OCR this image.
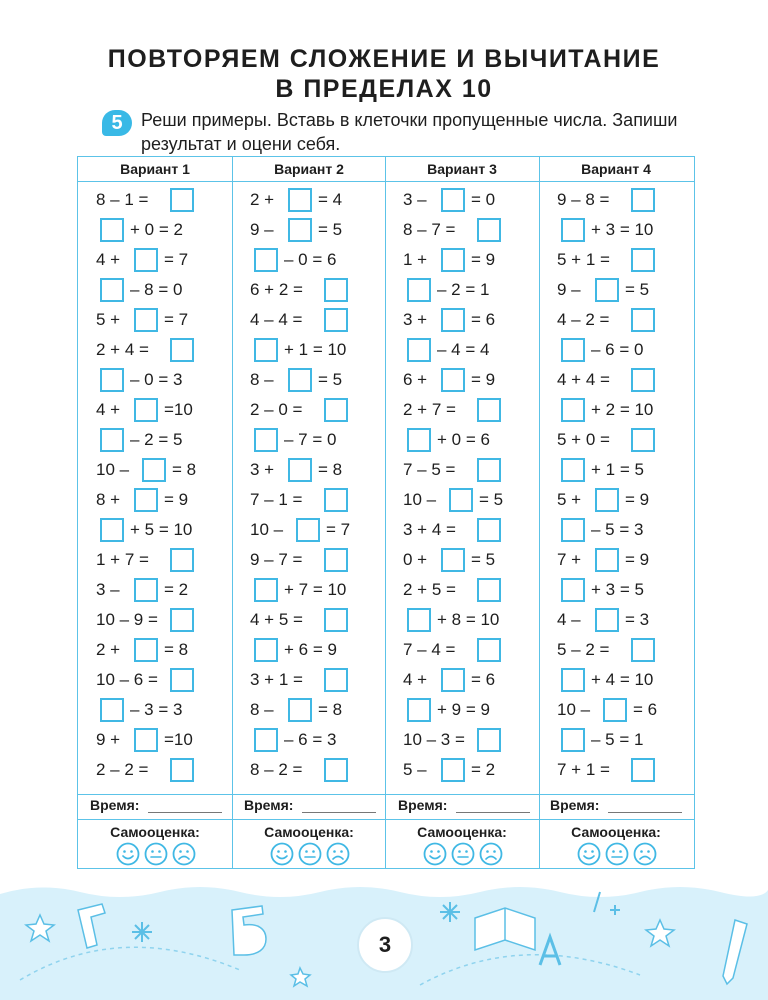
ПОВТОРЯЕМ СЛОЖЕНИЕ И ВЫЧИТАНИЕ
В ПРЕДЕЛАХ 10
5	Реши примеры. Вставь в клеточки пропущенные числа. Запиши результат и оцени себя.
Вариант 1	Вариант 2	Вариант 3	Вариант 4
8 – 1 =
+ 0 = 2
4 +	= 7
– 8 = 0
5 +	= 7
2 + 4 =
– 0 = 3
4 +	=10
– 2 = 5
10 –	= 8
8 +	= 9
+ 5 = 10
1 + 7 =
3 –	= 2
10 – 9 =
2 +	= 8
10 – 6 =
– 3 = 3
9 +	=10
2 – 2 =
2 +	= 4
9 –	= 5
– 0 = 6
6 + 2 =
4 – 4 =
+ 1 = 10
8 –	= 5
2 – 0 =
– 7 = 0
3 +	= 8
7 – 1 =
10 –	= 7
9 – 7 =
+ 7 = 10
4 + 5 =
+ 6 = 9
3 + 1 =
8 –	= 8
– 6 = 3
8 – 2 =
3 –	= 0
8 – 7 =
1 +	= 9
– 2 = 1
3 +	= 6
– 4 = 4
6 +	= 9
2 + 7 =
+ 0 = 6
7 – 5 =
10 –	= 5
3 + 4 =
0 +	= 5
2 + 5 =
+ 8 = 10
7 – 4 =
4 +	= 6
+ 9 = 9
10 – 3 =
5 –	= 2
9 – 8 =
+ 3 = 10
5 + 1 =
9 –	= 5
4 – 2 =
– 6 = 0
4 + 4 =
+ 2 = 10
5 + 0 =
+ 1 = 5
5 +	= 9
– 5 = 3
7 +	= 9
+ 3 = 5
4 –	= 3
5 – 2 =
+ 4 = 10
10 –	= 6
– 5 = 1
7 + 1 =
Время:	Время:	Время:	Время:
Самооценка:	Самооценка:	Самооценка:	Самооценка:
3
